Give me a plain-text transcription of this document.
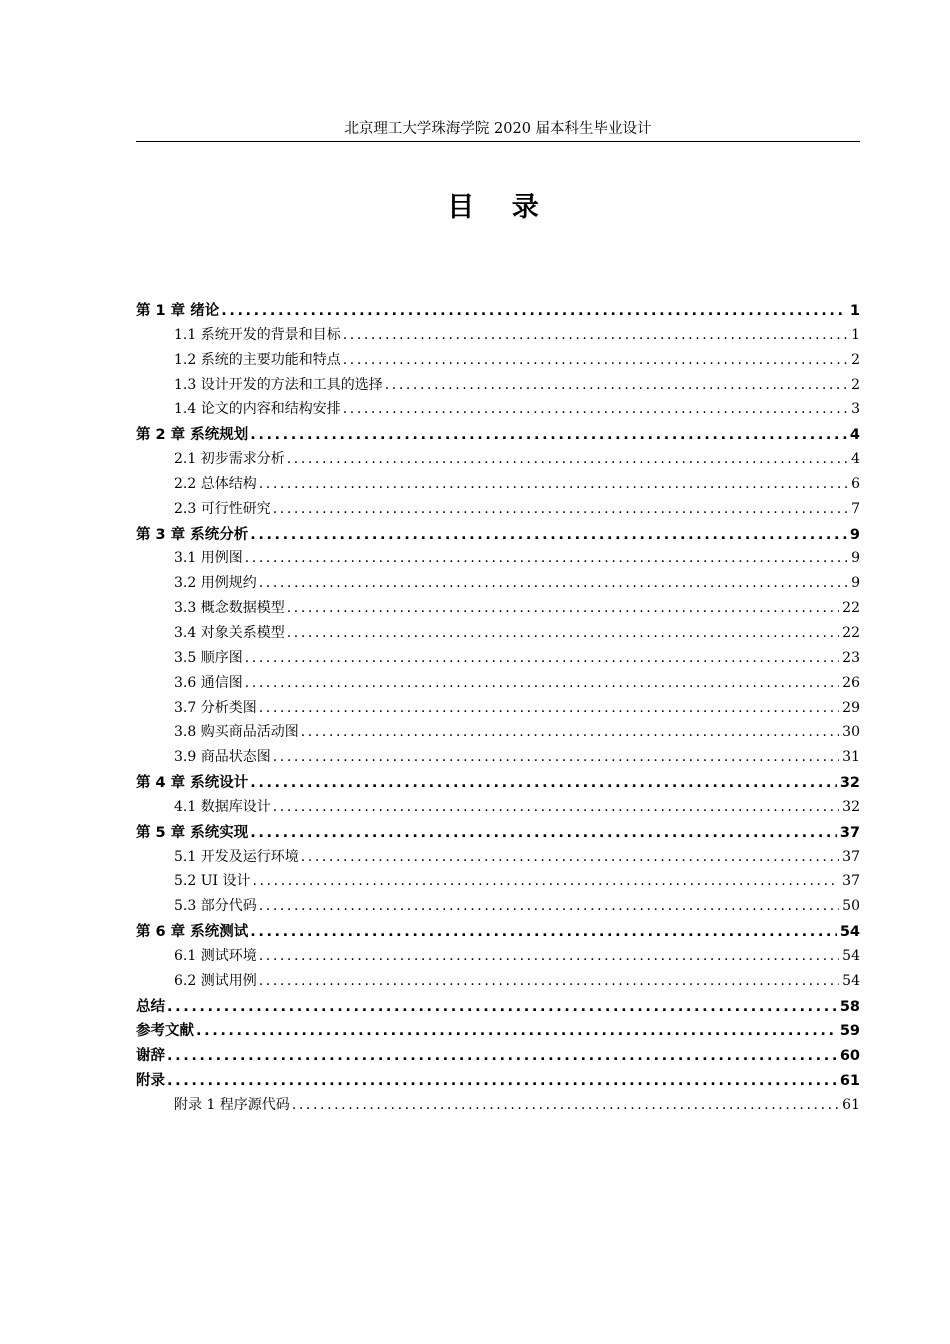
北京理工大学珠海学院 2020 届本科生毕业设计
目 录
第 1 章 绪论 .....	1
1.1 系统开发的背景和目标 .....	1
1.2 系统的主要功能和特点 .....	2
1.3 设计开发的方法和工具的选择 .....	2
1.4 论文的内容和结构安排 .....	3
第 2 章 系统规划 .....	4
2.1 初步需求分析 .....	4
2.2 总体结构 .....	6
2.3 可行性研究 .....	7
第 3 章 系统分析 .....	9
3.1 用例图 .....	9
3.2 用例规约 .....	9
3.3 概念数据模型 .....	22
3.4 对象关系模型 .....	22
3.5 顺序图 .....	23
3.6 通信图 .....	26
3.7 分析类图 .....	29
3.8 购买商品活动图 .....	30
3.9 商品状态图 .....	31
第 4 章 系统设计 .....	32
4.1 数据库设计 .....	32
第 5 章 系统实现 .....	37
5.1 开发及运行环境 .....	37
5.2 UI 设计 .....	37
5.3 部分代码 .....	50
第 6 章 系统测试 .....	54
6.1 测试环境 .....	54
6.2 测试用例 .....	54
总结 .....	58
参考文献 .....	59
谢辞 .....	60
附录 .....	61
附录 1 程序源代码 .....	61
